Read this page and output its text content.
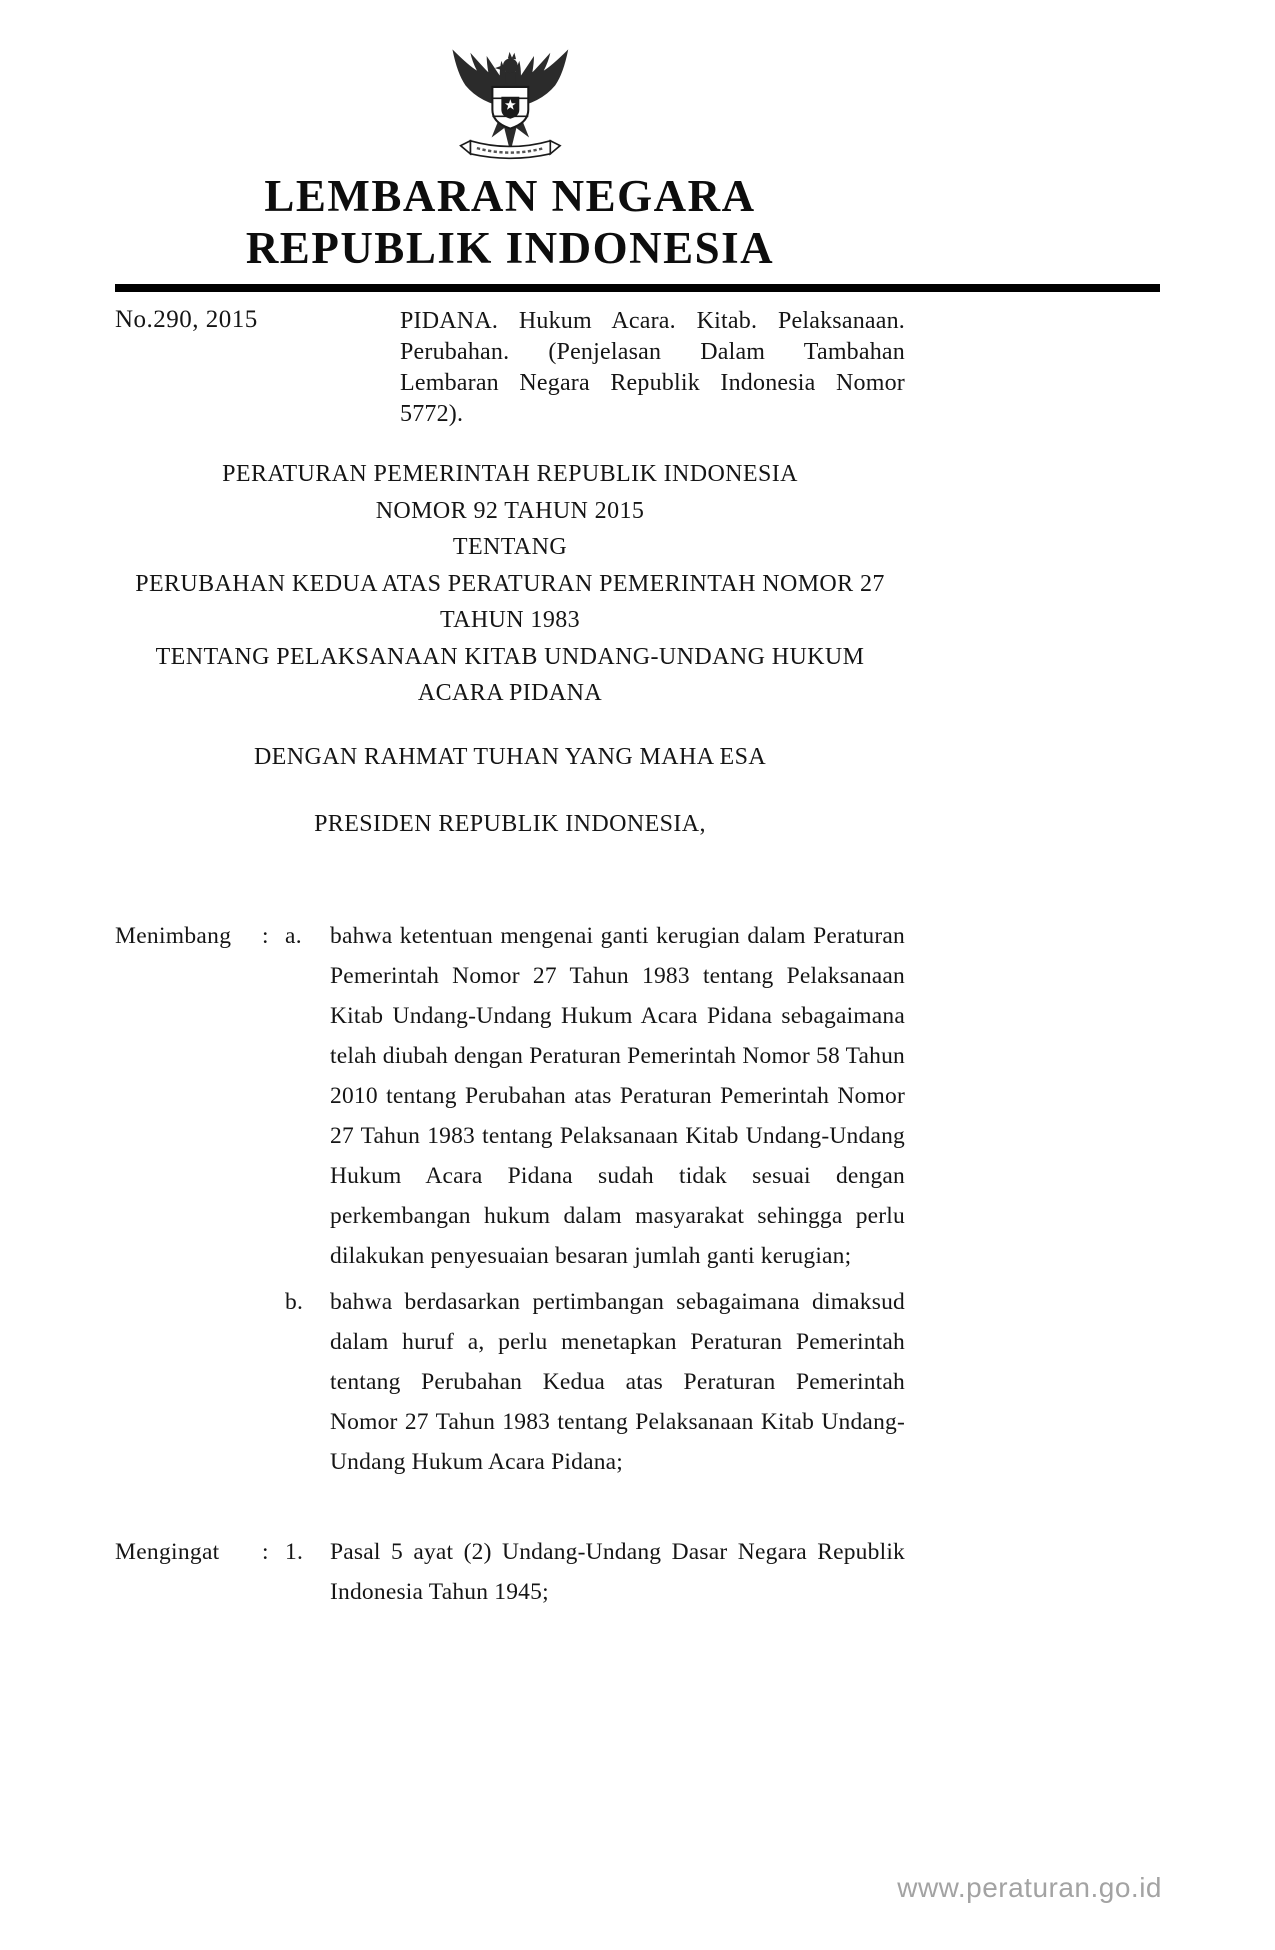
LEMBARAN NEGARA
REPUBLIK INDONESIA
No.290, 2015	PIDANA. Hukum Acara. Kitab. Pelaksanaan. Perubahan. (Penjelasan Dalam Tambahan Lembaran Negara Republik Indonesia Nomor 5772).
PERATURAN PEMERINTAH REPUBLIK INDONESIA
NOMOR 92 TAHUN 2015
TENTANG
PERUBAHAN KEDUA ATAS PERATURAN PEMERINTAH NOMOR 27 TAHUN 1983
TENTANG PELAKSANAAN KITAB UNDANG-UNDANG HUKUM ACARA PIDANA
DENGAN RAHMAT TUHAN YANG MAHA ESA
PRESIDEN REPUBLIK INDONESIA,
Menimbang	: a.	bahwa ketentuan mengenai ganti kerugian dalam Peraturan Pemerintah Nomor 27 Tahun 1983 tentang Pelaksanaan Kitab Undang-Undang Hukum Acara Pidana sebagaimana telah diubah dengan Peraturan Pemerintah Nomor 58 Tahun 2010 tentang Perubahan atas Peraturan Pemerintah Nomor 27 Tahun 1983 tentang Pelaksanaan Kitab Undang-Undang Hukum Acara Pidana sudah tidak sesuai dengan perkembangan hukum dalam masyarakat sehingga perlu dilakukan penyesuaian besaran jumlah ganti kerugian;
b.	bahwa berdasarkan pertimbangan sebagaimana dimaksud dalam huruf a, perlu menetapkan Peraturan Pemerintah tentang Perubahan Kedua atas Peraturan Pemerintah Nomor 27 Tahun 1983 tentang Pelaksanaan Kitab Undang-Undang Hukum Acara Pidana;
Mengingat	: 1.	Pasal 5 ayat (2) Undang-Undang Dasar Negara Republik Indonesia Tahun 1945;
www.peraturan.go.id
